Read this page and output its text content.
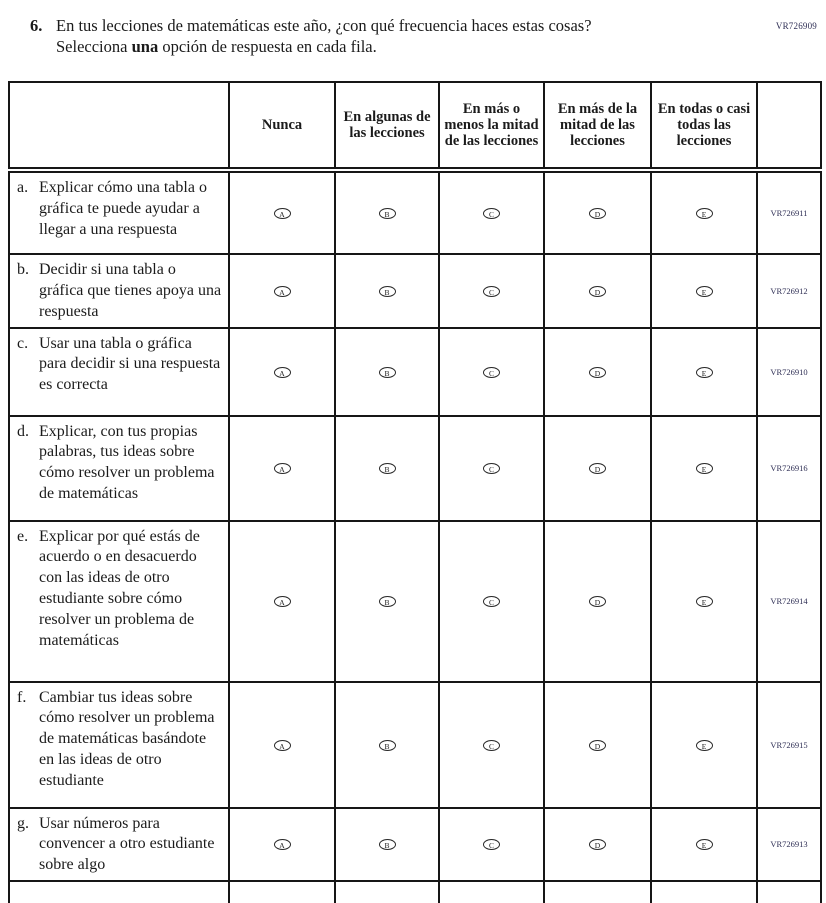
VR726909
6. En tus lecciones de matemáticas este año, ¿con qué frecuencia haces estas cosas?
Selecciona una opción de respuesta en cada fila.
	Nunca	En algunas de las lecciones	En más o menos la mitad de las lecciones	En más de la mitad de las lecciones	En todas o casi todas las lecciones	

a. Explicar cómo una tabla o gráfica te puede ayudar a llegar a una respuesta	A	B	C	D	E	VR726911

b. Decidir si una tabla o gráfica que tienes apoya una respuesta	A	B	C	D	E	VR726912

c. Usar una tabla o gráfica para decidir si una respuesta es correcta	A	B	C	D	E	VR726910

d. Explicar, con tus propias palabras, tus ideas sobre cómo resolver un problema de matemáticas	A	B	C	D	E	VR726916

e. Explicar por qué estás de acuerdo o en desacuerdo con las ideas de otro estudiante sobre cómo resolver un problema de matemáticas	A	B	C	D	E	VR726914

f. Cambiar tus ideas sobre cómo resolver un problema de matemáticas basándote en las ideas de otro estudiante	A	B	C	D	E	VR726915

g. Usar números para convencer a otro estudiante sobre algo	A	B	C	D	E	VR726913
